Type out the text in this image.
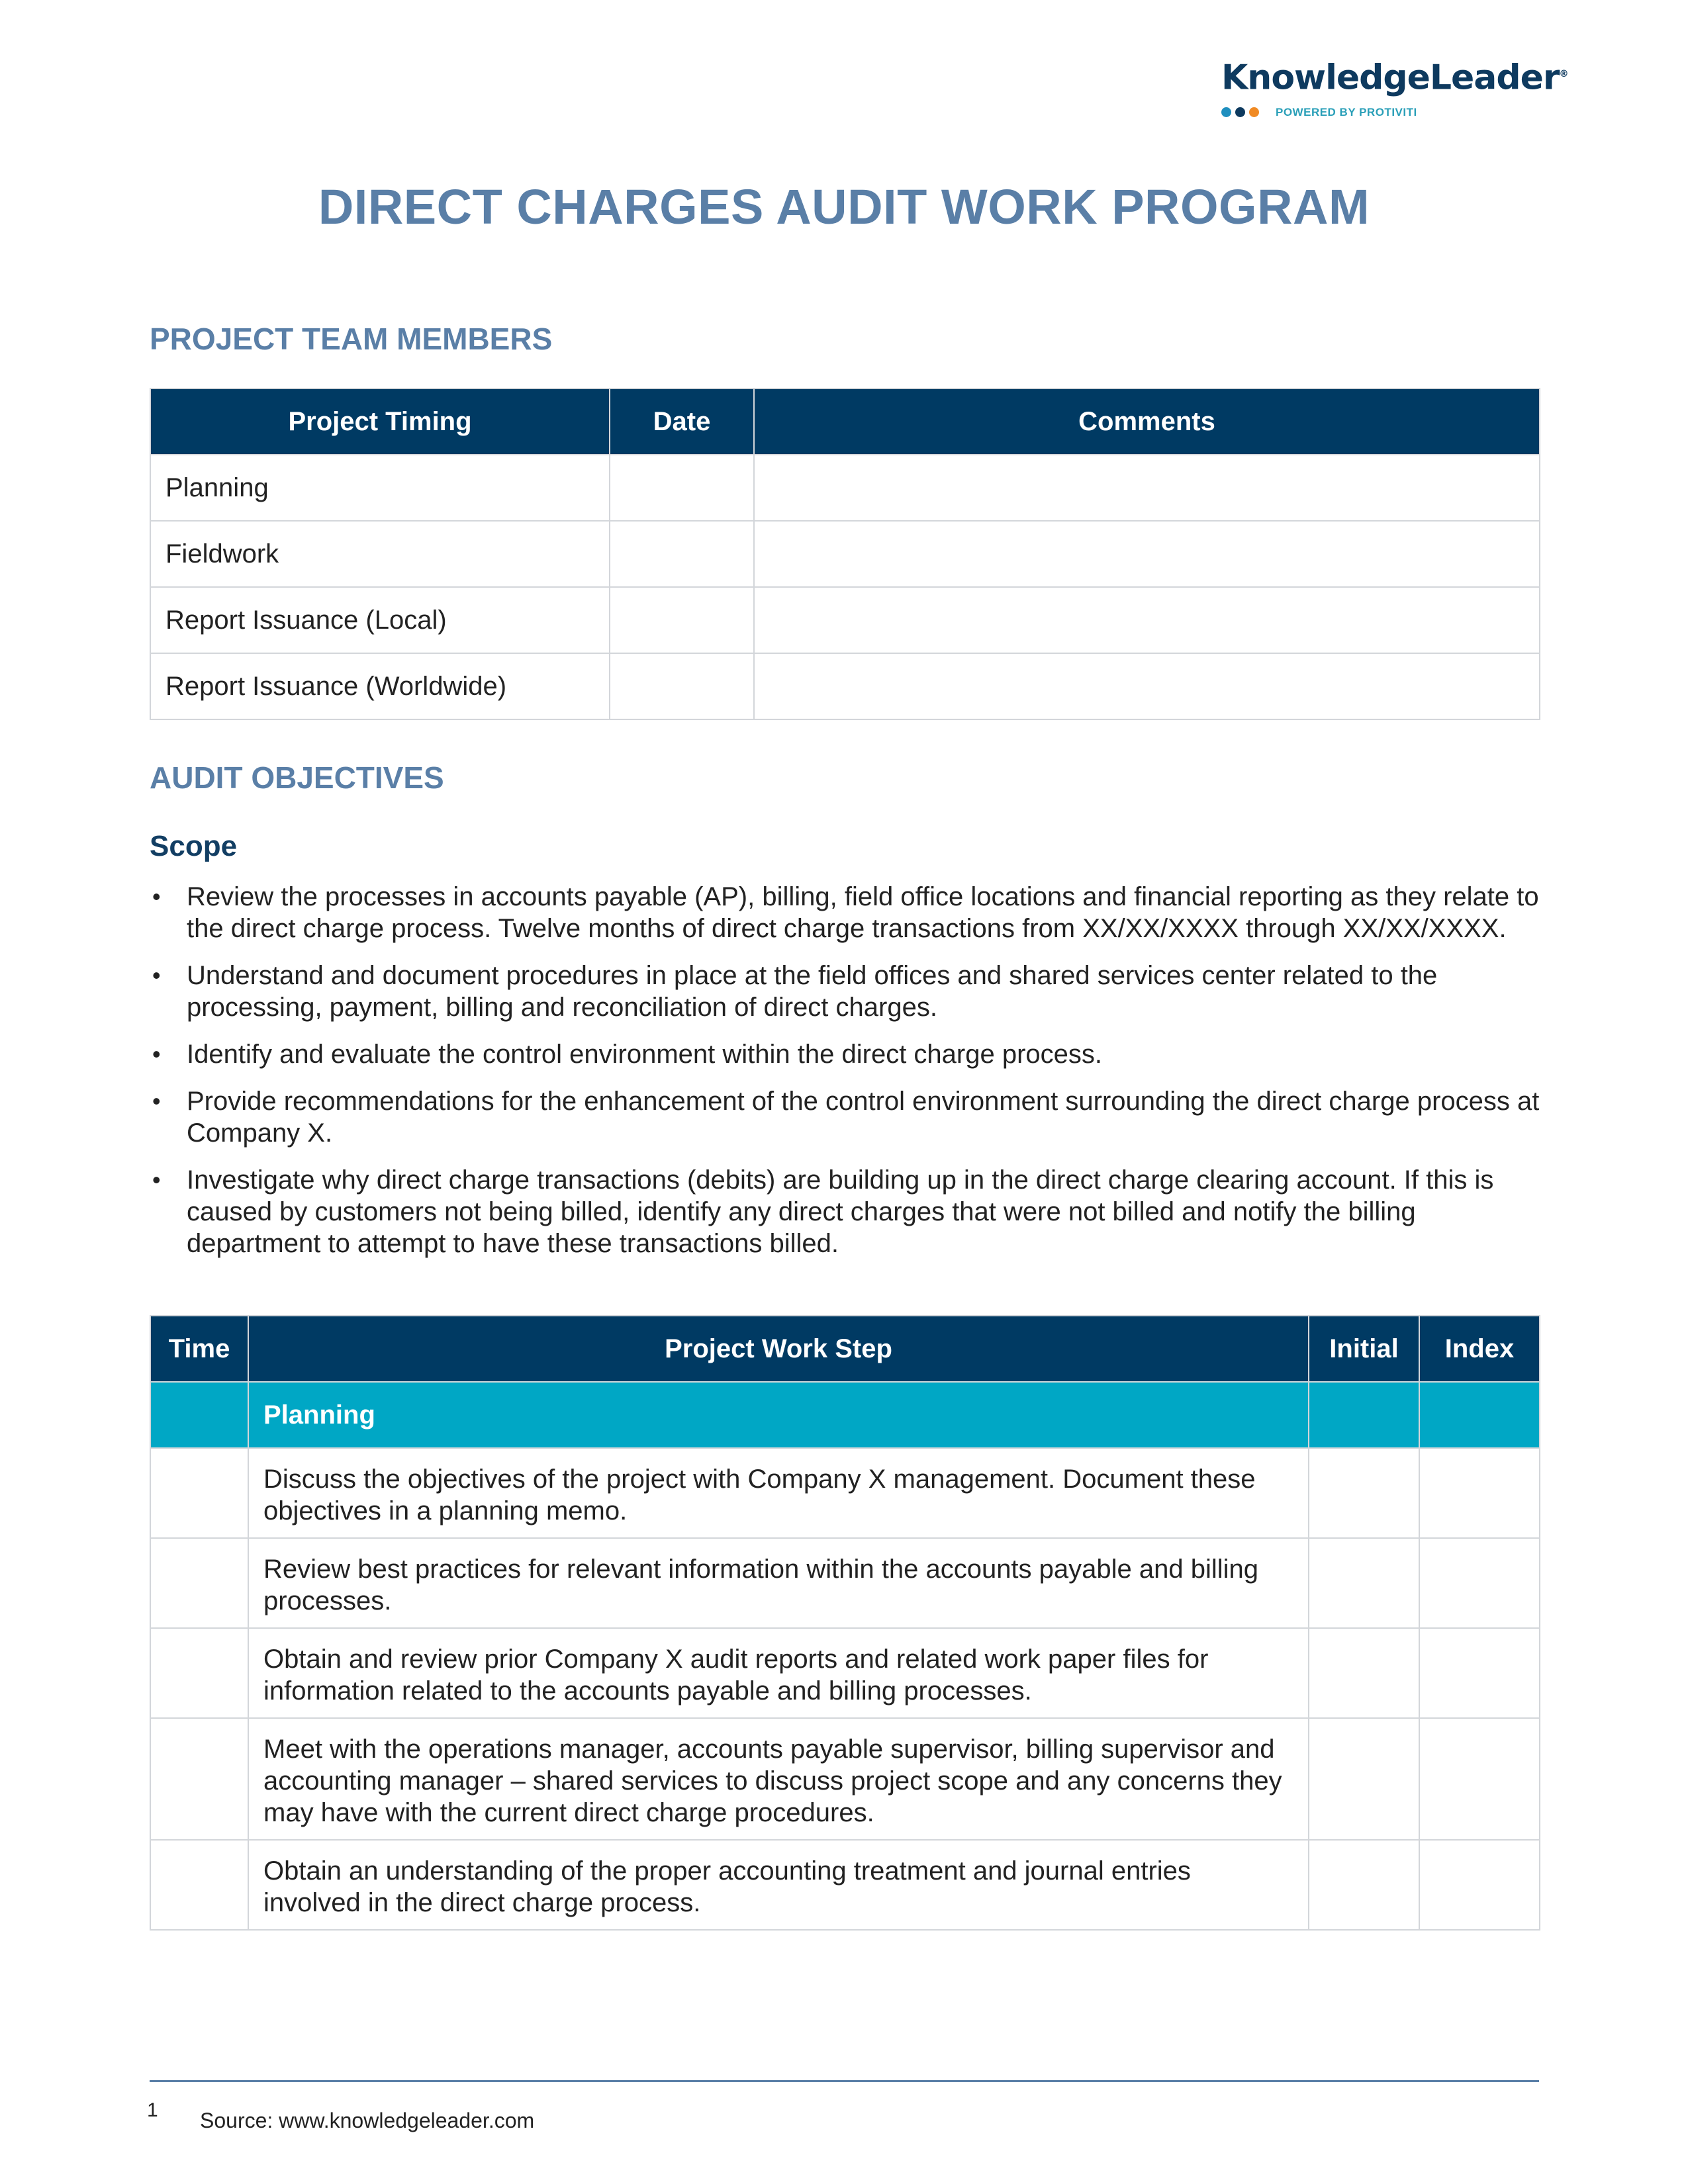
KnowledgeLeader®
POWERED BY PROTIVITI
DIRECT CHARGES AUDIT WORK PROGRAM
PROJECT TEAM MEMBERS
Project Timing	Date	Comments
Planning		
Fieldwork		
Report Issuance (Local)		
Report Issuance (Worldwide)		
AUDIT OBJECTIVES
Scope
• Review the processes in accounts payable (AP), billing, field office locations and financial reporting as they relate to the direct charge process. Twelve months of direct charge transactions from XX/XX/XXXX through XX/XX/XXXX.
• Understand and document procedures in place at the field offices and shared services center related to the processing, payment, billing and reconciliation of direct charges.
• Identify and evaluate the control environment within the direct charge process.
• Provide recommendations for the enhancement of the control environment surrounding the direct charge process at Company X.
• Investigate why direct charge transactions (debits) are building up in the direct charge clearing account. If this is caused by customers not being billed, identify any direct charges that were not billed and notify the billing department to attempt to have these transactions billed.
Time	Project Work Step	Initial	Index
	Planning		
	Discuss the objectives of the project with Company X management. Document these objectives in a planning memo.		
	Review best practices for relevant information within the accounts payable and billing processes.		
	Obtain and review prior Company X audit reports and related work paper files for information related to the accounts payable and billing processes.		
	Meet with the operations manager, accounts payable supervisor, billing supervisor and accounting manager – shared services to discuss project scope and any concerns they may have with the current direct charge procedures.		
	Obtain an understanding of the proper accounting treatment and journal entries involved in the direct charge process.		
1 Source: www.knowledgeleader.com
